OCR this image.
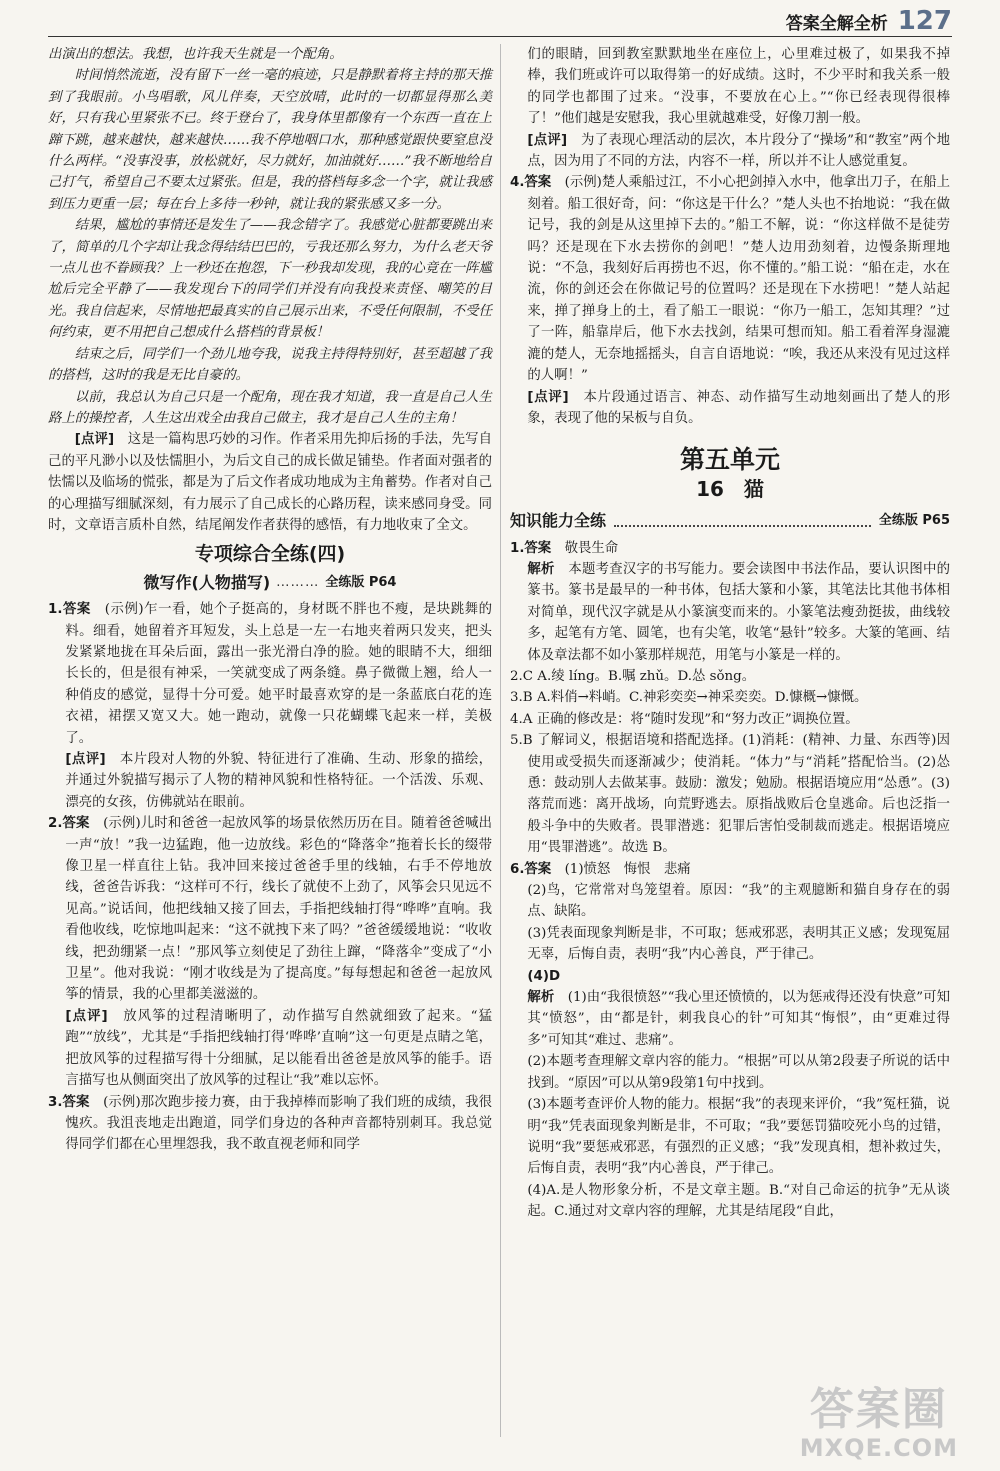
答案全解全析 127

出演出的想法。我想，也许我天生就是一个配角。

时间悄然流逝，没有留下一丝一毫的痕迹，只是静默着将主持的那天推到了我眼前。小鸟唱歌，风儿伴奏，天空放晴，此时的一切都显得那么美好，只有我心里紧张不已。终于登台了，我身体里都像有一个东西一直在上蹿下跳，越来越快，越来越快……我不停地咽口水，那种感觉跟快要窒息没什么两样。“没事没事，放松就好，尽力就好，加油就好……”我不断地给自己打气，希望自己不要太过紧张。但是，我的搭档每多念一个字，就让我感到压力更重一层；每在台上多待一秒钟，就让我的紧张感又多一分。

结果，尴尬的事情还是发生了——我念错字了。我感觉心脏都要跳出来了，简单的几个字却让我念得结结巴巴的，亏我还那么努力，为什么老天爷一点儿也不眷顾我？上一秒还在抱怨，下一秒我却发现，我的心竟在一阵尴尬后完全平静了——我发现台下的同学们并没有向我投来责怪、嘲笑的目光。我自信起来，尽情地把最真实的自己展示出来，不受任何限制，不受任何约束，更不用把自己想成什么搭档的背景板！

结束之后，同学们一个劲儿地夸我，说我主持得特别好，甚至超越了我的搭档，这时的我是无比自豪的。

以前，我总认为自己只是一个配角，现在我才知道，我一直是自己人生路上的操控者，人生这出戏全由我自己做主，我才是自己人生的主角！

[点评]　 这是一篇构思巧妙的习作。作者采用先抑后扬的手法，先写自己的平凡渺小以及怯懦胆小，为后文自己的成长做足铺垫。作者面对强者的怯懦以及临场的慌张，都是为了后文作者成功地成为主角蓄势。作者对自己的心理描写细腻深刻，有力展示了自己成长的心路历程，读来感同身受。同时，文章语言质朴自然，结尾阐发作者获得的感悟，有力地收束了全文。

专项综合全练(四)
微写作(人物描写) ……… 全练版 P64

1.答案　 (示例)乍一看，她个子挺高的，身材既不胖也不瘦，是块跳舞的料。细看，她留着齐耳短发，头上总是一左一右地夹着两只发夹，把头发紧紧地拢在耳朵后面，露出一张光滑白净的脸。她的眼睛不大，细细长长的，但是很有神采，一笑就变成了两条缝。鼻子微微上翘，给人一种俏皮的感觉，显得十分可爱。她平时最喜欢穿的是一条蓝底白花的连衣裙，裙摆又宽又大。她一跑动，就像一只花蝴蝶飞起来一样，美极了。

[点评]　 本片段对人物的外貌、特征进行了准确、生动、形象的描绘，并通过外貌描写揭示了人物的精神风貌和性格特征。一个活泼、乐观、漂亮的女孩，仿佛就站在眼前。

2.答案　 (示例)儿时和爸爸一起放风筝的场景依然历历在目。随着爸爸喊出一声“放！”我一边猛跑，他一边放线。彩色的“降落伞”拖着长长的缀带像卫星一样直往上钻。我冲回来接过爸爸手里的线轴，右手不停地放线，爸爸告诉我：“这样可不行，线长了就使不上劲了，风筝会只见远不见高。”说话间，他把线轴又接了回去，手指把线轴打得“哗哗”直响。我看他收线，吃惊地叫起来：“这不就拽下来了吗？”爸爸缓缓地说：“收收线，把劲绷紧一点！”那风筝立刻使足了劲往上蹿，“降落伞”变成了“小卫星”。他对我说：“刚才收线是为了提高度。”每每想起和爸爸一起放风筝的情景，我的心里都美滋滋的。

[点评]　 放风筝的过程清晰明了，动作描写自然就细致了起来。“猛跑”“放线”，尤其是“手指把线轴打得‘哗哗’直响”这一句更是点睛之笔，把放风筝的过程描写得十分细腻，足以能看出爸爸是放风筝的能手。语言描写也从侧面突出了放风筝的过程让“我”难以忘怀。

3.答案　 (示例)那次跑步接力赛，由于我掉棒而影响了我们班的成绩，我很愧疚。我沮丧地走出跑道，同学们身边的各种声音都特别刺耳。我总觉得同学们都在心里埋怨我，我不敢直视老师和同学

们的眼睛，回到教室默默地坐在座位上，心里难过极了，如果我不掉棒，我们班或许可以取得第一的好成绩。这时，不少平时和我关系一般的同学也都围了过来。“没事，不要放在心上。”“你已经表现得很棒了！”他们越是安慰我，我心里就越难受，好像刀割一般。

[点评]　 为了表现心理活动的层次，本片段分了“操场”和“教室”两个地点，因为用了不同的方法，内容不一样，所以并不让人感觉重复。

4.答案　 (示例)楚人乘船过江，不小心把剑掉入水中，他拿出刀子，在船上刻着。船工很好奇，问：“你这是干什么？”楚人头也不抬地说：“我在做记号，我的剑是从这里掉下去的。”船工不解，说：“你这样做不是徒劳吗？还是现在下水去捞你的剑吧！”楚人边用劲刻着，边慢条斯理地说：“不急，我刻好后再捞也不迟，你不懂的。”船工说：“船在走，水在流，你的剑还会在你做记号的位置吗？还是现在下水捞吧！”楚人站起来，掸了掸身上的土，看了船工一眼说：“你乃一船工，怎知其理？”过了一阵，船靠岸后，他下水去找剑，结果可想而知。船工看着浑身湿漉漉的楚人，无奈地摇摇头，自言自语地说：“唉，我还从来没有见过这样的人啊！”

[点评]　 本片段通过语言、神态、动作描写生动地刻画出了楚人的形象，表现了他的呆板与自负。

第五单元
16 猫
知识能力全练	全练版 P65

1.答案　 敬畏生命

解析　 本题考查汉字的书写能力。要会读图中书法作品，要认识图中的篆书。篆书是最早的一种书体，包括大篆和小篆，其笔法比其他书体相对简单，现代汉字就是从小篆演变而来的。小篆笔法瘦劲挺拔，曲线较多，起笔有方笔、圆笔，也有尖笔，收笔“悬针”较多。大篆的笔画、结体及章法都不如小篆那样规范，用笔与小篆是一样的。

2.C A.绫 líng。B.嘱 zhǔ。D.怂 sǒng。

3.B A.料俏→料峭。C.神彩奕奕→神采奕奕。D.慷概→慷慨。

4.A 正确的修改是：将“随时发现”和“努力改正”调换位置。

5.B 了解词义，根据语境和搭配选择。(1)消耗：(精神、力量、东西等)因使用或受损失而逐渐减少；使消耗。“体力”与“消耗”搭配恰当。(2)怂恿：鼓动别人去做某事。鼓励：激发；勉励。根据语境应用“怂恿”。(3)落荒而逃：离开战场，向荒野逃去。原指战败后仓皇逃命。后也泛指一般斗争中的失败者。畏罪潜逃：犯罪后害怕受制裁而逃走。根据语境应用“畏罪潜逃”。故选 B。

6.答案　 (1)愤怒　悔恨　悲痛

(2)鸟，它常常对鸟笼望着。原因：“我”的主观臆断和猫自身存在的弱点、缺陷。

(3)凭表面现象判断是非，不可取；惩戒邪恶，表明其正义感；发现冤屈无辜，后悔自责，表明“我”内心善良，严于律己。

(4)D

解析　 (1)由“我很愤怒”“我心里还愤愤的，以为惩戒得还没有快意”可知其“愤怒”，由“都是针，刺我良心的针”可知其“悔恨”，由“更难过得多”可知其“难过、悲痛”。

(2)本题考查理解文章内容的能力。“根据”可以从第2段妻子所说的话中找到。“原因”可以从第9段第1句中找到。

(3)本题考查评价人物的能力。根据“我”的表现来评价，“我”冤枉猫，说明“我”凭表面现象判断是非，不可取；“我”要惩罚猫咬死小鸟的过错，说明“我”要惩戒邪恶，有强烈的正义感；“我”发现真相，想补救过失，后悔自责，表明“我”内心善良，严于律己。

(4)A.是人物形象分析，不是文章主题。B.“对自己命运的抗争”无从谈起。C.通过对文章内容的理解，尤其是结尾段“自此，

答案圈
MXQE.COM
